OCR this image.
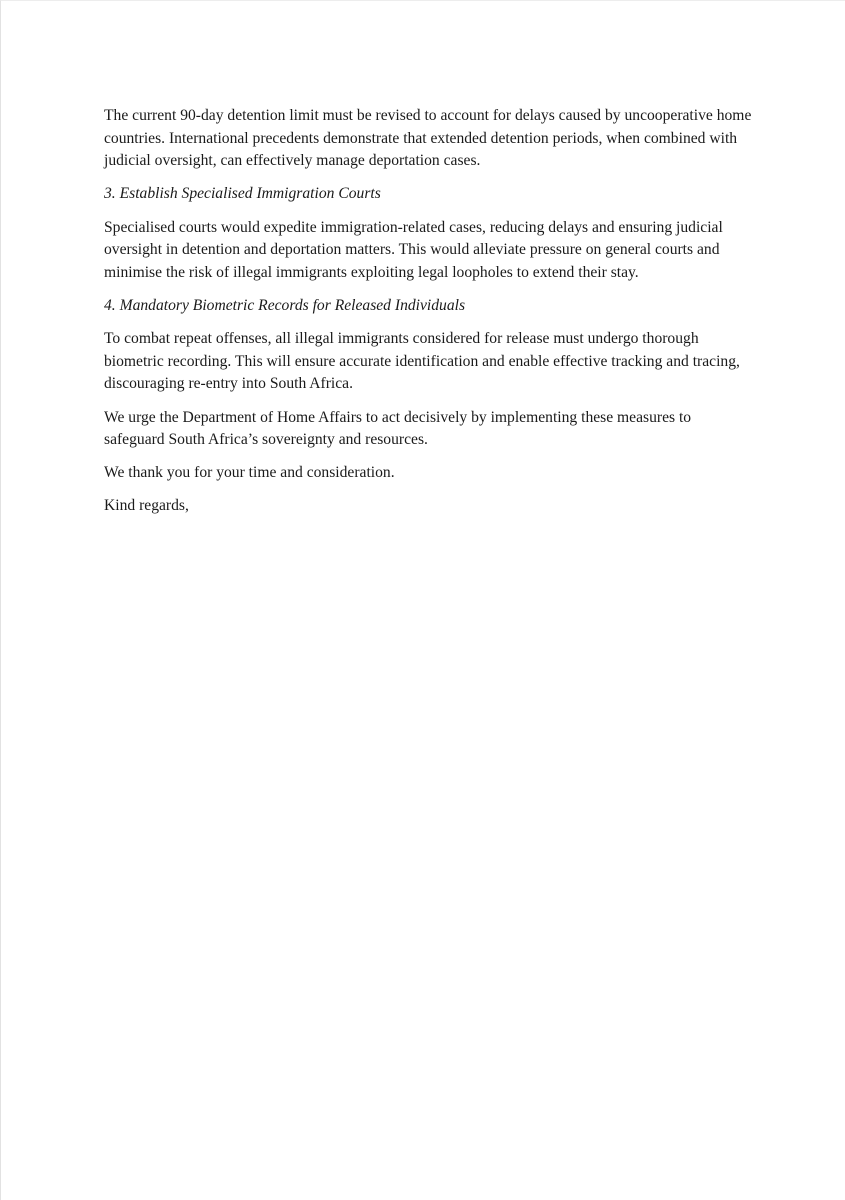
The current 90-day detention limit must be revised to account for delays caused by uncooperative home countries. International precedents demonstrate that extended detention periods, when combined with judicial oversight, can effectively manage deportation cases.

3. Establish Specialised Immigration Courts

Specialised courts would expedite immigration-related cases, reducing delays and ensuring judicial oversight in detention and deportation matters. This would alleviate pressure on general courts and minimise the risk of illegal immigrants exploiting legal loopholes to extend their stay.

4. Mandatory Biometric Records for Released Individuals

To combat repeat offenses, all illegal immigrants considered for release must undergo thorough biometric recording. This will ensure accurate identification and enable effective tracking and tracing, discouraging re-entry into South Africa.

We urge the Department of Home Affairs to act decisively by implementing these measures to safeguard South Africa’s sovereignty and resources.

We thank you for your time and consideration.

Kind regards,
